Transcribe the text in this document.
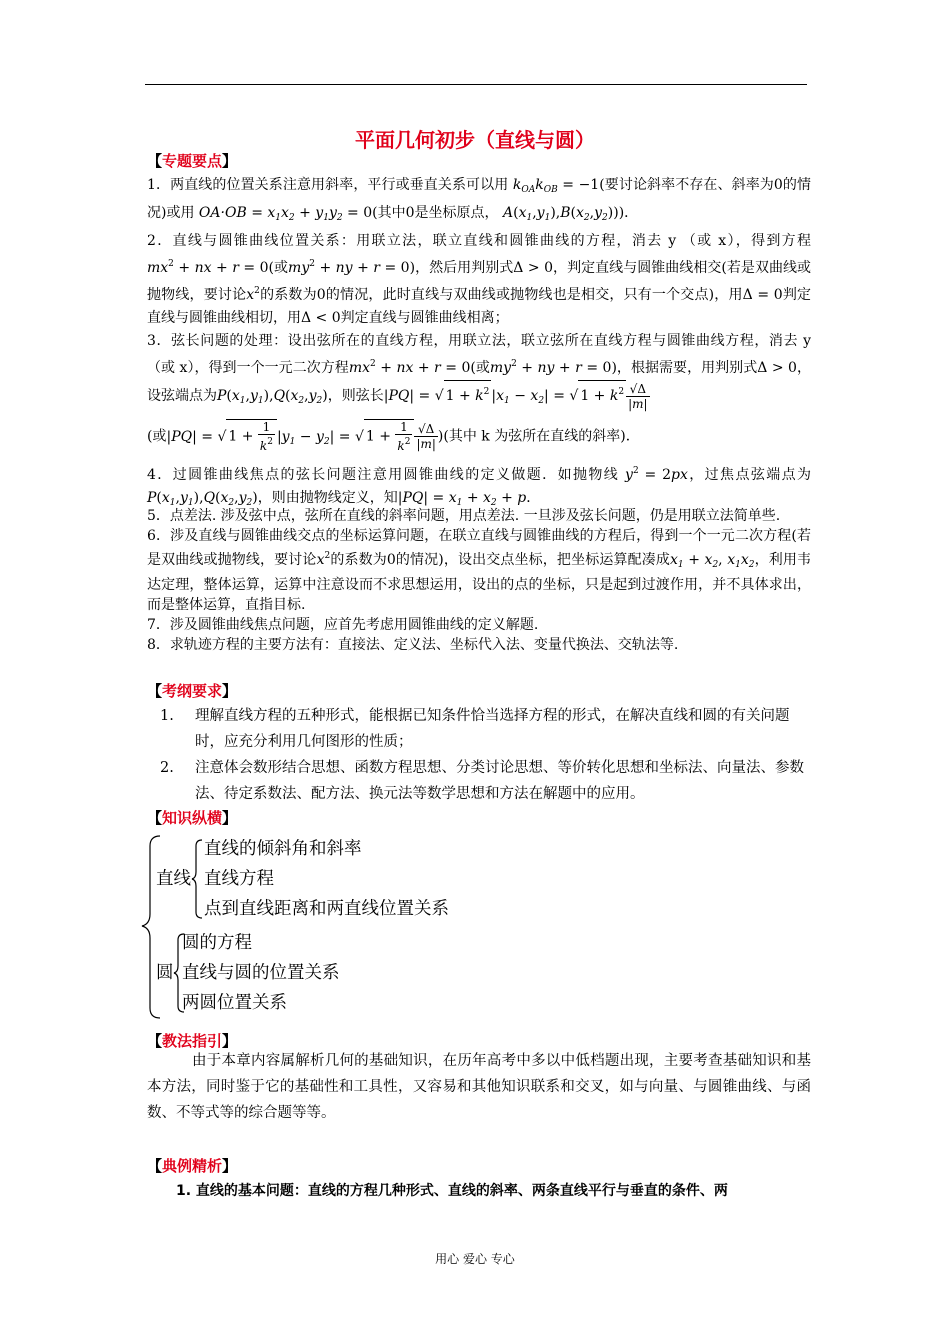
平面几何初步（直线与圆）
【专题要点】

1．两直线的位置关系注意用斜率，平行或垂直关系可以用 $k_{OA}k_{OB} = -1$(要讨论斜率不存在、斜率为0的情况)或用 $OA\cdot OB = x_1x_2 + y_1y_2 = 0$(其中0是坐标原点， $A(x_1,y_1),B(x_2,y_2)$))．

2．直线与圆锥曲线位置关系：用联立法，联立直线和圆锥曲线的方程，消去 y （或 x），得到方程 $mx^2$ + nx + r = 0(或$my^2$ + ny + r = 0)，然后用判别式Δ > 0，判定直线与圆锥曲线相交(若是双曲线或抛物线，要讨论$x^2$的系数为0的情况，此时直线与双曲线或抛物线也是相交，只有一个交点)，用Δ = 0判定直线与圆锥曲线相切，用Δ < 0判定直线与圆锥曲线相离；

3．弦长问题的处理：设出弦所在的直线方程，用联立法，联立弦所在直线方程与圆锥曲线方程，消去 y （或 x），得到一个一元二次方程$mx^2$ + nx + r = 0(或$my^2$ + ny + r = 0)，根据需要，用判别式Δ > 0，设弦端点为$P(x_1,y_1),Q(x_2,y_2)$，则弦长|PQ| = √ $1 + k^2$ $|x_1 - x_2|$ = √ $1 + k^2 \frac{√\Delta}{|m|}$

(或|PQ| = √ $1 + \frac{1}{k^2} |y_1 - y_2|$ = √ $1 + \frac{1}{k^2} \frac{√\Delta}{|m|}$ )(其中 k 为弦所在直线的斜率)．

4．过圆锥曲线焦点的弦长问题注意用圆锥曲线的定义做题．如抛物线 $y^2 = 2px$，过焦点弦端点为$P(x_1,y_1),Q(x_2,y_2)$，则由抛物线定义，知$|PQ| = x_1 + x_2 + p$．

5．点差法. 涉及弦中点，弦所在直线的斜率问题，用点差法. 一旦涉及弦长问题，仍是用联立法简单些.

6．涉及直线与圆锥曲线交点的坐标运算问题，在联立直线与圆锥曲线的方程后，得到一个一元二次方程(若是双曲线或抛物线，要讨论$x^2$的系数为0的情况)，设出交点坐标，把坐标运算配凑成$x_1 + x_2$, $x_1x_2$，利用韦达定理，整体运算，运算中注意设而不求思想运用，设出的点的坐标，只是起到过渡作用，并不具体求出，而是整体运算，直指目标.

7．涉及圆锥曲线焦点问题，应首先考虑用圆锥曲线的定义解题.

8．求轨迹方程的主要方法有：直接法、定义法、坐标代入法、变量代换法、交轨法等.

【考纲要求】
1.	理解直线方程的五种形式，能根据已知条件恰当选择方程的形式，在解决直线和圆的有关问题时，应充分利用几何图形的性质；
2.	注意体会数形结合思想、函数方程思想、分类讨论思想、等价转化思想和坐标法、向量法、参数法、待定系数法、配方法、换元法等数学思想和方法在解题中的应用。
【知识纵横】
直线
直线的倾斜角和斜率
直线方程
点到直线距离和两直线位置关系
圆
圆的方程
直线与圆的位置关系
两圆位置关系
【教法指引】
由于本章内容属解析几何的基础知识，在历年高考中多以中低档题出现，主要考查基础知识和基本方法，同时鉴于它的基础性和工具性，又容易和其他知识联系和交叉，如与向量、与圆锥曲线、与函数、不等式等的综合题等等。
【典例精析】
1. 直线的基本问题：直线的方程几种形式、直线的斜率、两条直线平行与垂直的条件、两
用心 爱心 专心
